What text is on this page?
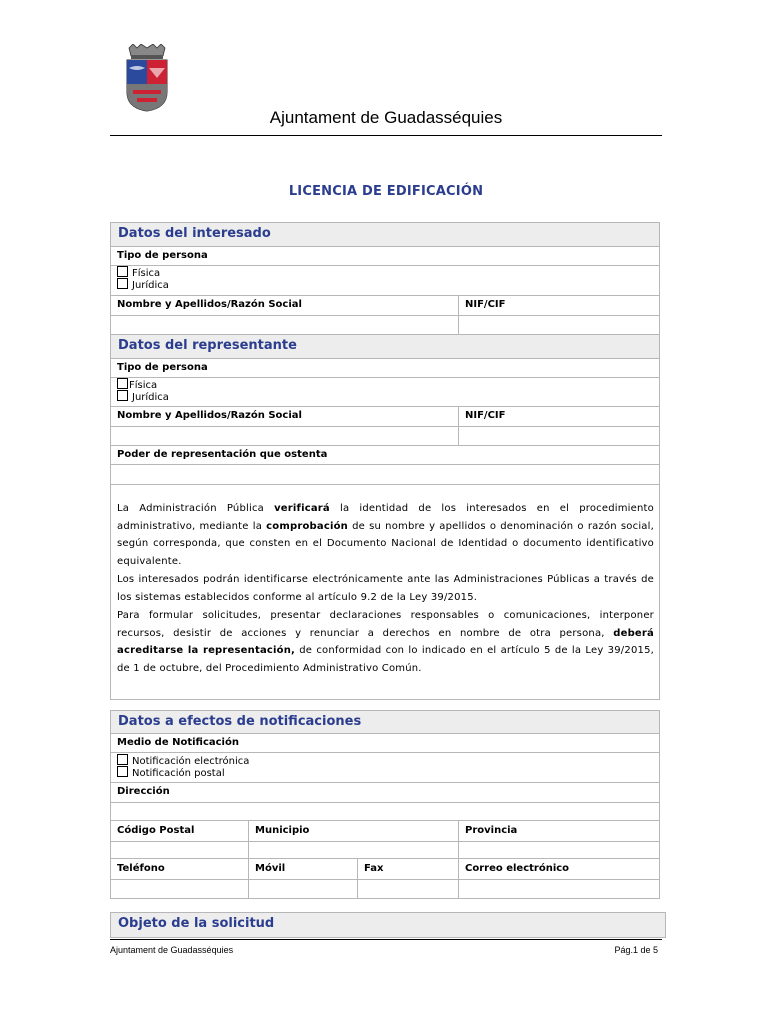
Ajuntament de Guadasséquies
LICENCIA DE EDIFICACIÓN
Datos del interesado
Tipo de persona
Física
Jurídica
Nombre y Apellidos/Razón Social	NIF/CIF
Datos del representante
Tipo de persona
Física
Jurídica
Nombre y Apellidos/Razón Social	NIF/CIF
Poder de representación que ostenta
La Administración Pública verificará la identidad de los interesados en el procedimiento administrativo, mediante la comprobación de su nombre y apellidos o denominación o razón social, según corresponda, que consten en el Documento Nacional de Identidad o documento identificativo equivalente.
Los interesados podrán identificarse electrónicamente ante las Administraciones Públicas a través de los sistemas establecidos conforme al artículo 9.2 de la Ley 39/2015.
Para formular solicitudes, presentar declaraciones responsables o comunicaciones, interponer recursos, desistir de acciones y renunciar a derechos en nombre de otra persona, deberá acreditarse la representación, de conformidad con lo indicado en el artículo 5 de la Ley 39/2015, de 1 de octubre, del Procedimiento Administrativo Común.
Datos a efectos de notificaciones
Medio de Notificación
Notificación electrónica
Notificación postal
Dirección
Código Postal	Municipio	Provincia
Teléfono	Móvil	Fax	Correo electrónico
Objeto de la solicitud
Ajuntament de Guadasséquies	Pág.1 de 5
